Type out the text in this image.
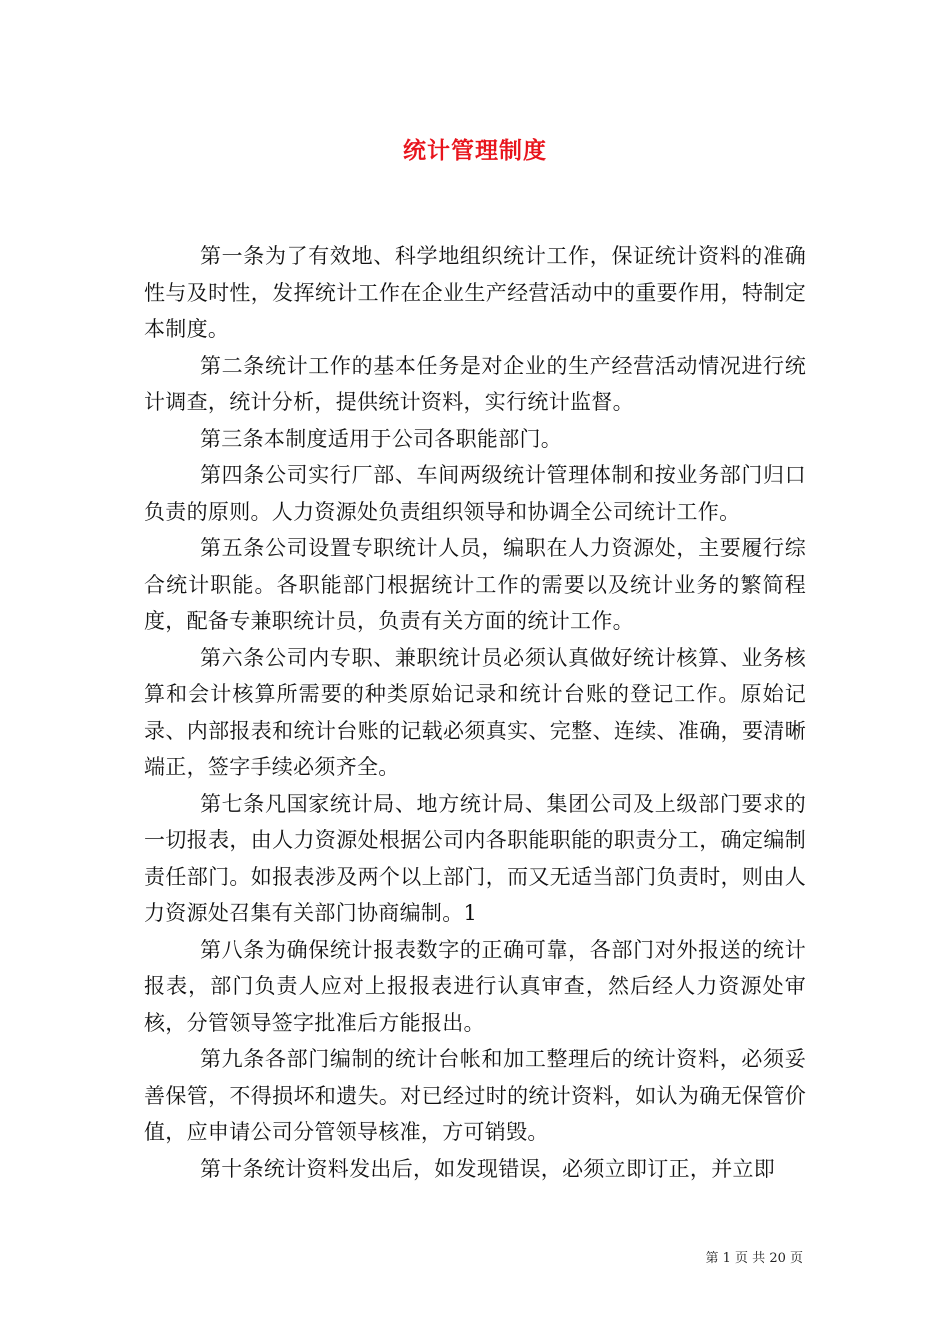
统计管理制度

第一条为了有效地、科学地组织统计工作，保证统计资料的准确性与及时性，发挥统计工作在企业生产经营活动中的重要作用，特制定本制度。

第二条统计工作的基本任务是对企业的生产经营活动情况进行统计调查，统计分析，提供统计资料，实行统计监督。

第三条本制度适用于公司各职能部门。

第四条公司实行厂部、车间两级统计管理体制和按业务部门归口负责的原则。人力资源处负责组织领导和协调全公司统计工作。

第五条公司设置专职统计人员，编职在人力资源处，主要履行综合统计职能。各职能部门根据统计工作的需要以及统计业务的繁简程度，配备专兼职统计员，负责有关方面的统计工作。

第六条公司内专职、兼职统计员必须认真做好统计核算、业务核算和会计核算所需要的种类原始记录和统计台账的登记工作。原始记录、内部报表和统计台账的记载必须真实、完整、连续、准确，要清晰端正，签字手续必须齐全。

第七条凡国家统计局、地方统计局、集团公司及上级部门要求的一切报表，由人力资源处根据公司内各职能职能的职责分工，确定编制责任部门。如报表涉及两个以上部门，而又无适当部门负责时，则由人力资源处召集有关部门协商编制。1

第八条为确保统计报表数字的正确可靠，各部门对外报送的统计报表，部门负责人应对上报报表进行认真审查，然后经人力资源处审核，分管领导签字批准后方能报出。

第九条各部门编制的统计台帐和加工整理后的统计资料，必须妥善保管，不得损坏和遗失。对已经过时的统计资料，如认为确无保管价值，应申请公司分管领导核准，方可销毁。

第十条统计资料发出后，如发现错误，必须立即订正，并立即

第 1 页 共 20 页
